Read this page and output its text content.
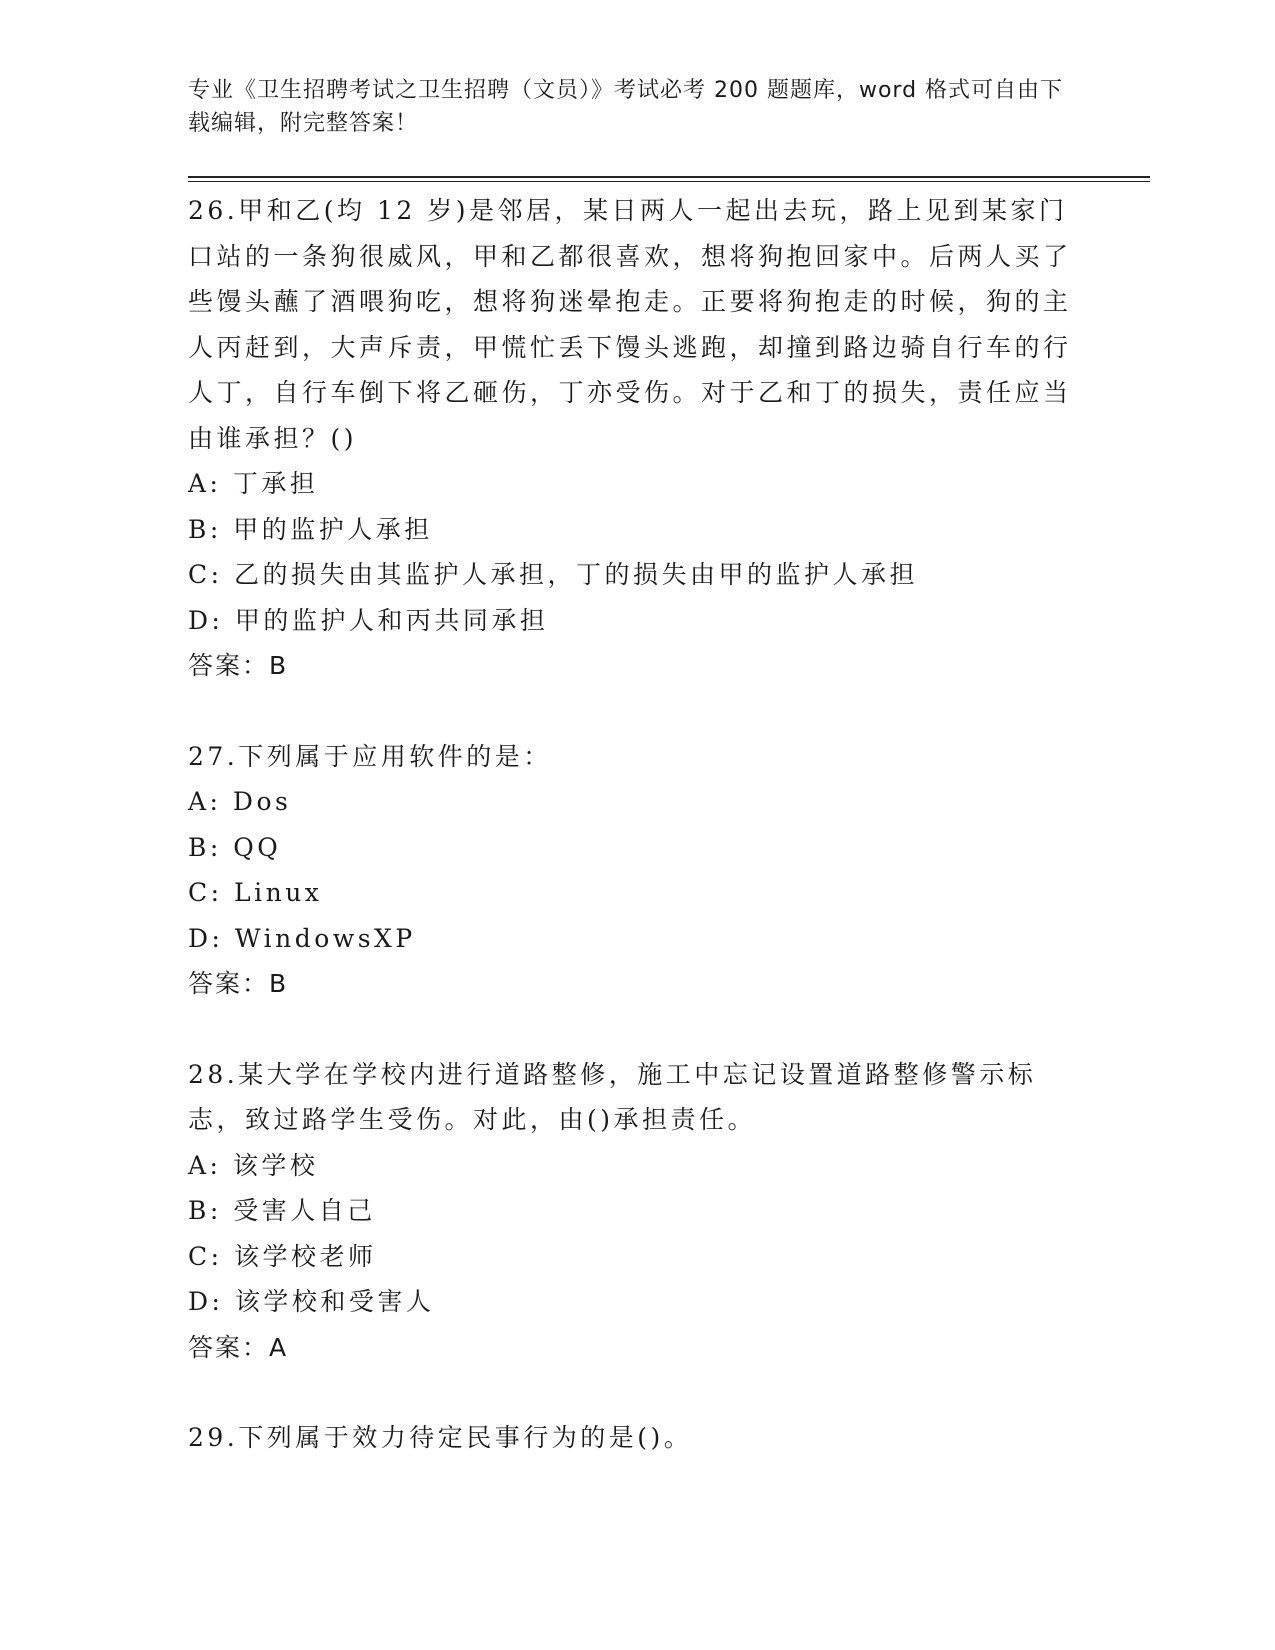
专业《卫生招聘考试之卫生招聘（文员）》考试必考 200 题题库，word 格式可自由下载编辑，附完整答案！
26.甲和乙(均 12 岁)是邻居，某日两人一起出去玩，路上见到某家门口站的一条狗很威风，甲和乙都很喜欢，想将狗抱回家中。后两人买了些馒头蘸了酒喂狗吃，想将狗迷晕抱走。正要将狗抱走的时候，狗的主人丙赶到，大声斥责，甲慌忙丢下馒头逃跑，却撞到路边骑自行车的行人丁，自行车倒下将乙砸伤，丁亦受伤。对于乙和丁的损失，责任应当由谁承担？()
A: 丁承担
B: 甲的监护人承担
C: 乙的损失由其监护人承担，丁的损失由甲的监护人承担
D: 甲的监护人和丙共同承担
答案：B
27.下列属于应用软件的是：
A: Dos
B: QQ
C: Linux
D: WindowsXP
答案：B
28.某大学在学校内进行道路整修，施工中忘记设置道路整修警示标志，致过路学生受伤。对此，由()承担责任。
A: 该学校
B: 受害人自己
C: 该学校老师
D: 该学校和受害人
答案：A
29.下列属于效力待定民事行为的是()。
